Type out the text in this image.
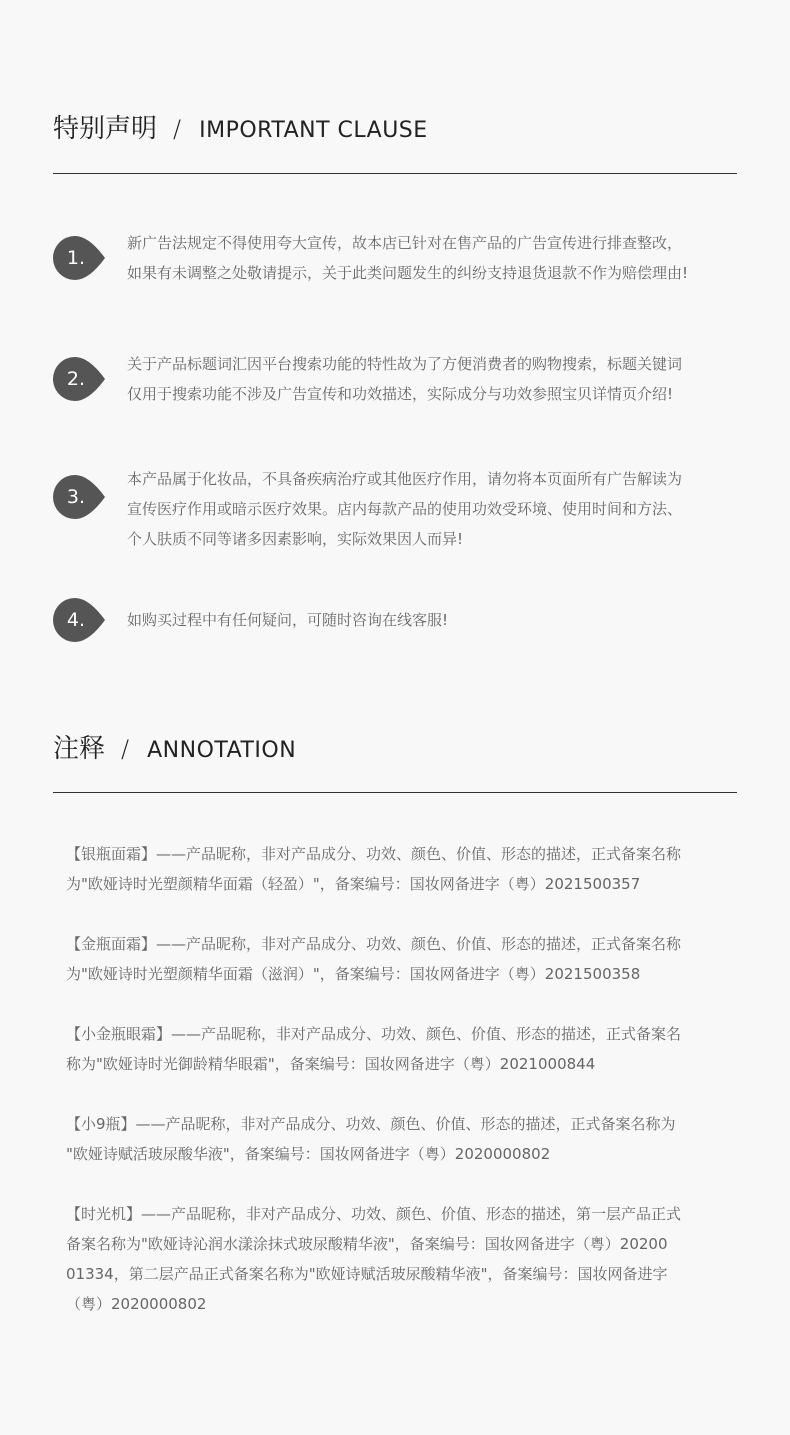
特别声明 / IMPORTANT CLAUSE
1.
新广告法规定不得使用夸大宣传，故本店已针对在售产品的广告宣传进行排查整改，
如果有未调整之处敬请提示，关于此类问题发生的纠纷支持退货退款不作为赔偿理由!
2.
关于产品标题词汇因平台搜索功能的特性故为了方便消费者的购物搜索，标题关键词
仅用于搜索功能不涉及广告宣传和功效描述，实际成分与功效参照宝贝详情页介绍!
3.
本产品属于化妆品，不具备疾病治疗或其他医疗作用，请勿将本页面所有广告解读为
宣传医疗作用或暗示医疗效果。店内每款产品的使用功效受环境、使用时间和方法、
个人肤质不同等诸多因素影响，实际效果因人而异!
4.	如购买过程中有任何疑问，可随时咨询在线客服!
注释 / ANNOTATION
【银瓶面霜】——产品昵称，非对产品成分、功效、颜色、价值、形态的描述，正式备案名称
为"欧娅诗时光塑颜精华面霜（轻盈）"，备案编号：国妆网备进字（粤）2021500357
【金瓶面霜】——产品昵称，非对产品成分、功效、颜色、价值、形态的描述，正式备案名称
为"欧娅诗时光塑颜精华面霜（滋润）"，备案编号：国妆网备进字（粤）2021500358
【小金瓶眼霜】——产品昵称，非对产品成分、功效、颜色、价值、形态的描述，正式备案名
称为"欧娅诗时光御龄精华眼霜"，备案编号：国妆网备进字（粤）2021000844
【小9瓶】——产品昵称，非对产品成分、功效、颜色、价值、形态的描述，正式备案名称为
"欧娅诗赋活玻尿酸华液"，备案编号：国妆网备进字（粤）2020000802
【时光机】——产品昵称，非对产品成分、功效、颜色、价值、形态的描述，第一层产品正式
备案名称为"欧娅诗沁润水漾涂抹式玻尿酸精华液"，备案编号：国妆网备进字（粤）20200
01334，第二层产品正式备案名称为"欧娅诗赋活玻尿酸精华液"，备案编号：国妆网备进字
（粤）2020000802
